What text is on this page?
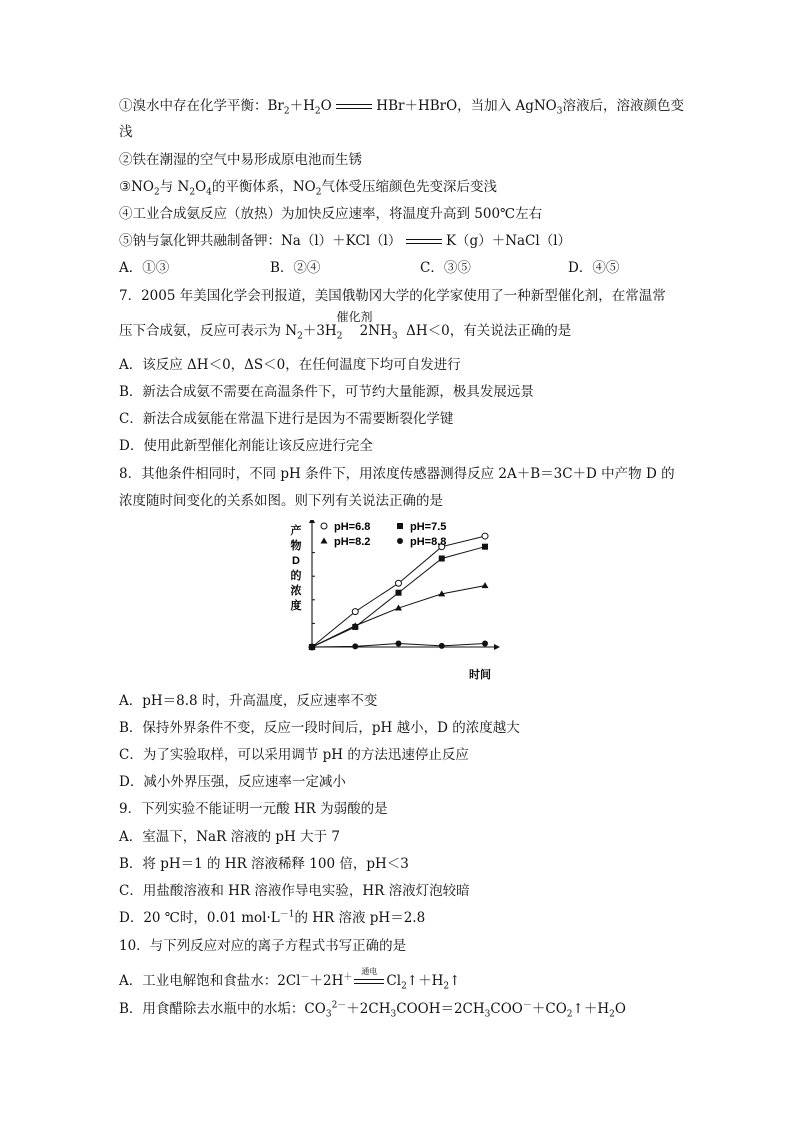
①溴水中存在化学平衡：$Br_2+H_2O$	HBr＋HBrO，当加入 AgNO$_3$溶液后，溶液颜色变
浅
②铁在潮湿的空气中易形成原电池而生锈
$③NO_2$与 $N_2O_4$的平衡体系，$NO_2$气体受压缩颜色先变深后变浅
④工业合成氨反应（放热）为加快反应速率，将温度升高到 500℃左右
⑤钠与氯化钾共融制备钾：Na（l）＋KCl（l）	K（g）＋NaCl（l）
A．①③	B．②④	C．③⑤	D．④⑤
7．2005 年美国化学会刊报道，美国俄勒冈大学的化学家使用了一种新型催化剂，在常温常
压下合成氨，反应可表示为 $N_2+3H_2$
催化剂
$2NH_3$ ΔH＜0，有关说法正确的是
A．该反应 ΔH＜0，ΔS＜0，在任何温度下均可自发进行
B．新法合成氨不需要在高温条件下，可节约大量能源，极具发展远景
C．新法合成氨能在常温下进行是因为不需要断裂化学键
D．使用此新型催化剂能让该反应进行完全
8．其他条件相同时，不同 pH 条件下，用浓度传感器测得反应 2A＋B＝3C＋D 中产物 D 的
浓度随时间变化的关系如图。则下列有关说法正确的是
产
物
D
的
浓
度
时间
pH=6.8	pH=7.5
pH=8.2	pH=8.8
A．pH＝8.8 时，升高温度，反应速率不变
B．保持外界条件不变，反应一段时间后，pH 越小，D 的浓度越大
C．为了实验取样，可以采用调节 pH 的方法迅速停止反应
D．减小外界压强，反应速率一定减小
9．下列实验不能证明一元酸 HR 为弱酸的是
A．室温下，NaR 溶液的 pH 大于 7
B．将 pH＝1 的 HR 溶液稀释 100 倍，pH＜3
C．用盐酸溶液和 HR 溶液作导电实验，HR 溶液灯泡较暗
D．20 ℃时，0.01 $mol\cdot L^{-1}$的 HR 溶液 pH＝2.8
10．与下列反应对应的离子方程式书写正确的是
A．工业电解饱和食盐水：2Cl－＋2H＋
通电
$Cl_2↑+H_2↑$
B．用食醋除去水瓶中的水垢：$CO_3^{2-}+2CH_3COOH=2CH_3COO^-+CO_2↑+H_2O$
